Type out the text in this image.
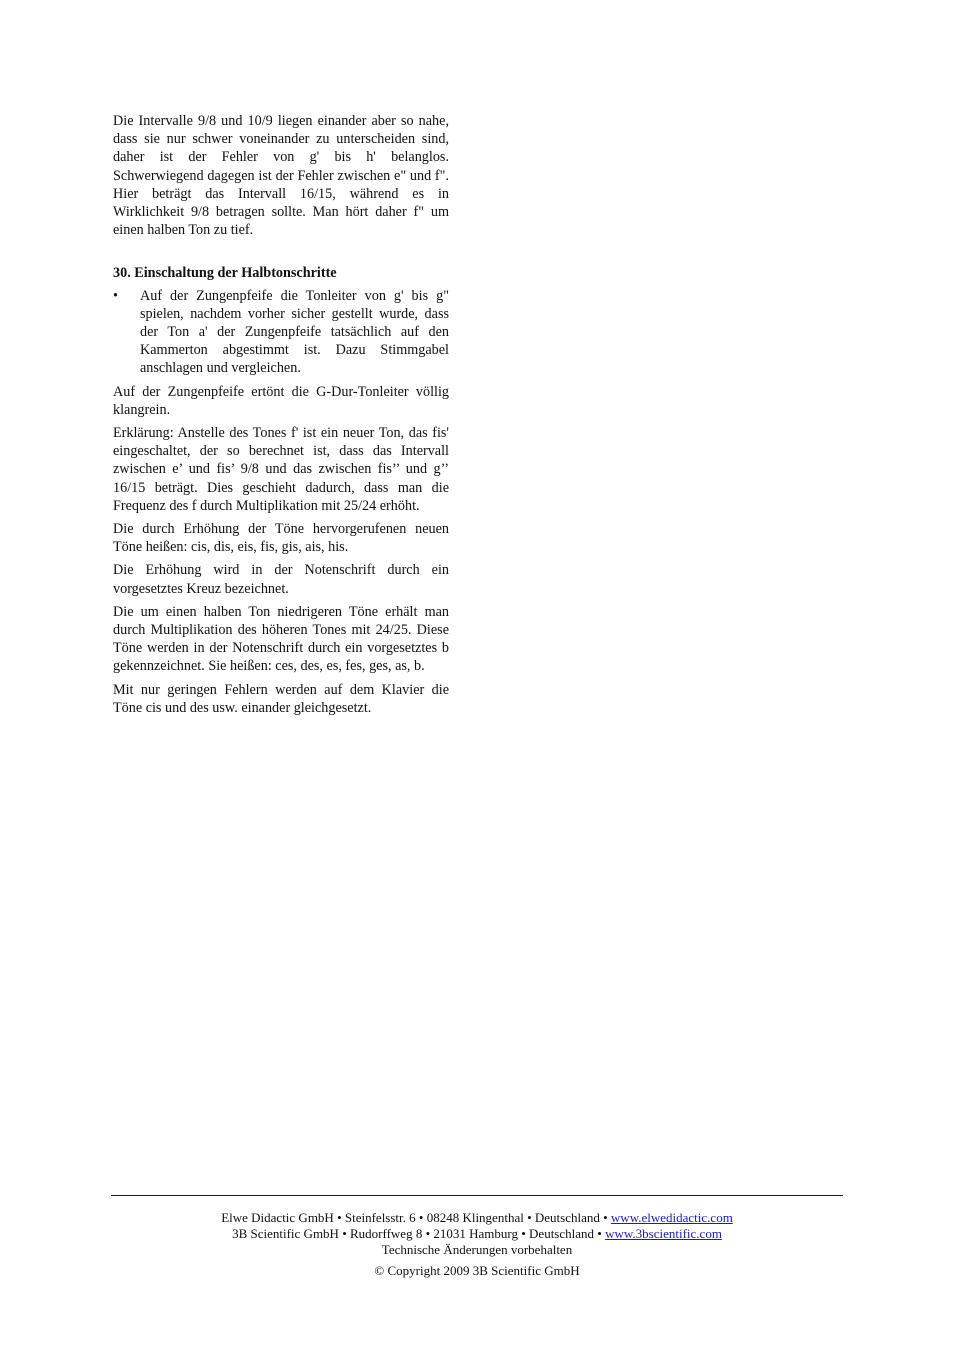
Die Intervalle 9/8 und 10/9 liegen einander aber so nahe, dass sie nur schwer voneinander zu unterscheiden sind, daher ist der Fehler von g' bis h' belanglos. Schwerwiegend dagegen ist der Fehler zwischen e" und f". Hier beträgt das Intervall 16/15, während es in Wirklichkeit 9/8 betragen sollte. Man hört daher f" um einen halben Ton zu tief.

30. Einschaltung der Halbtonschritte
•	Auf der Zungenpfeife die Tonleiter von g' bis g" spielen, nachdem vorher sicher gestellt wurde, dass der Ton a' der Zungenpfeife tatsächlich auf den Kammerton abgestimmt ist. Dazu Stimmgabel anschlagen und vergleichen.

Auf der Zungenpfeife ertönt die G-Dur-Tonleiter völlig klangrein.

Erklärung: Anstelle des Tones f' ist ein neuer Ton, das fis' eingeschaltet, der so berechnet ist, dass das Intervall zwischen e’ und fis’ 9/8 und das zwischen fis’’ und g’’ 16/15 beträgt. Dies geschieht dadurch, dass man die Frequenz des f durch Multiplikation mit 25/24 erhöht.

Die durch Erhöhung der Töne hervorgerufenen neuen Töne heißen: cis, dis, eis, fis, gis, ais, his.

Die Erhöhung wird in der Notenschrift durch ein vorgesetztes Kreuz bezeichnet.

Die um einen halben Ton niedrigeren Töne erhält man durch Multiplikation des höheren Tones mit 24/25. Diese Töne werden in der Notenschrift durch ein vorgesetztes b gekennzeichnet. Sie heißen: ces, des, es, fes, ges, as, b.

Mit nur geringen Fehlern werden auf dem Klavier die Töne cis und des usw. einander gleichgesetzt.

Elwe Didactic GmbH • Steinfelsstr. 6 • 08248 Klingenthal • Deutschland • www.elwedidactic.com
3B Scientific GmbH • Rudorffweg 8 • 21031 Hamburg • Deutschland • www.3bscientific.com
Technische Änderungen vorbehalten
© Copyright 2009 3B Scientific GmbH
